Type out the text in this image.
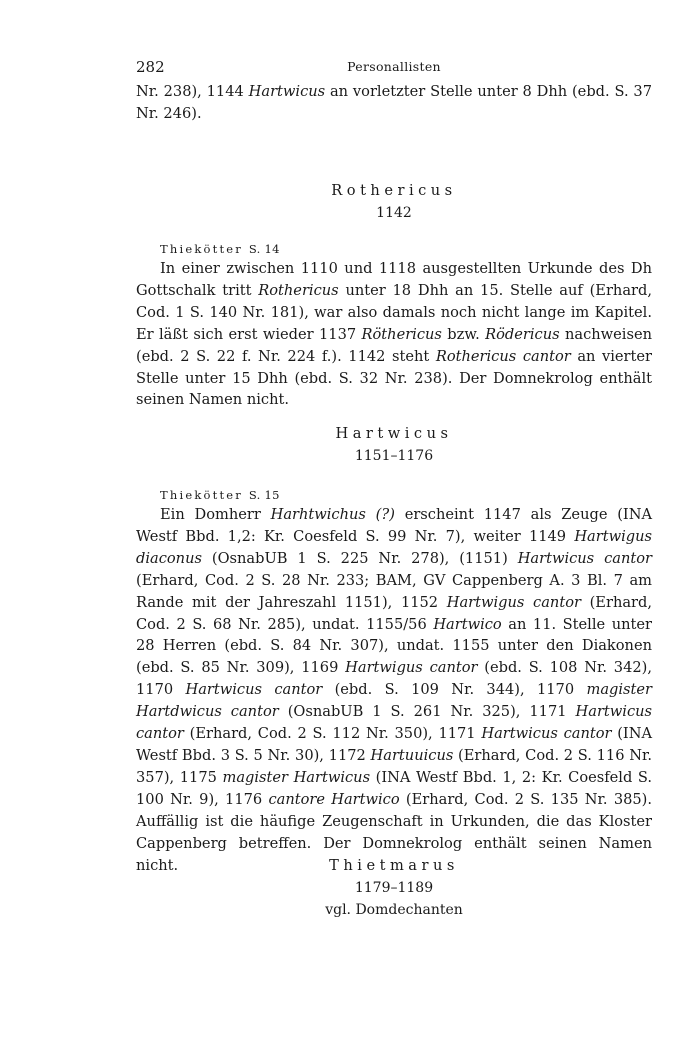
282	Personallisten

Nr. 238), 1144 Hartwicus an vorletzter Stelle unter 8 Dhh (ebd. S. 37 Nr. 246).

Rothericus
1142
Thiekötter S. 14

In einer zwischen 1110 und 1118 ausgestellten Urkunde des Dh Gottschalk tritt Rothericus unter 18 Dhh an 15. Stelle auf (Erhard, Cod. 1 S. 140 Nr. 181), war also damals noch nicht lange im Kapitel. Er läßt sich erst wieder 1137 Röthericus bzw. Rödericus nachweisen (ebd. 2 S. 22 f. Nr. 224 f.). 1142 steht Rothericus cantor an vierter Stelle unter 15 Dhh (ebd. S. 32 Nr. 238). Der Domnekrolog enthält seinen Namen nicht.

Hartwicus
1151–1176
Thiekötter S. 15

Ein Domherr Harhtwichus (?) erscheint 1147 als Zeuge (INA Westf Bbd. 1,2: Kr. Coesfeld S. 99 Nr. 7), weiter 1149 Hartwigus diaconus (OsnabUB 1 S. 225 Nr. 278), (1151) Hartwicus cantor (Erhard, Cod. 2 S. 28 Nr. 233; BAM, GV Cappenberg A. 3 Bl. 7 am Rande mit der Jahreszahl 1151), 1152 Hartwigus cantor (Erhard, Cod. 2 S. 68 Nr. 285), undat. 1155/56 Hartwico an 11. Stelle unter 28 Herren (ebd. S. 84 Nr. 307), undat. 1155 unter den Diakonen (ebd. S. 85 Nr. 309), 1169 Hartwigus cantor (ebd. S. 108 Nr. 342), 1170 Hartwicus cantor (ebd. S. 109 Nr. 344), 1170 magister Hartdwicus cantor (OsnabUB 1 S. 261 Nr. 325), 1171 Hartwicus cantor (Erhard, Cod. 2 S. 112 Nr. 350), 1171 Hartwicus cantor (INA Westf Bbd. 3 S. 5 Nr. 30), 1172 Hartuuicus (Erhard, Cod. 2 S. 116 Nr. 357), 1175 magister Hartwicus (INA Westf Bbd. 1, 2: Kr. Coesfeld S. 100 Nr. 9), 1176 cantore Hartwico (Erhard, Cod. 2 S. 135 Nr. 385). Auffällig ist die häufige Zeugenschaft in Urkunden, die das Kloster Cappenberg betreffen. Der Domnekrolog enthält seinen Namen nicht.	Thietmarus
1179–1189
vgl. Domdechanten
